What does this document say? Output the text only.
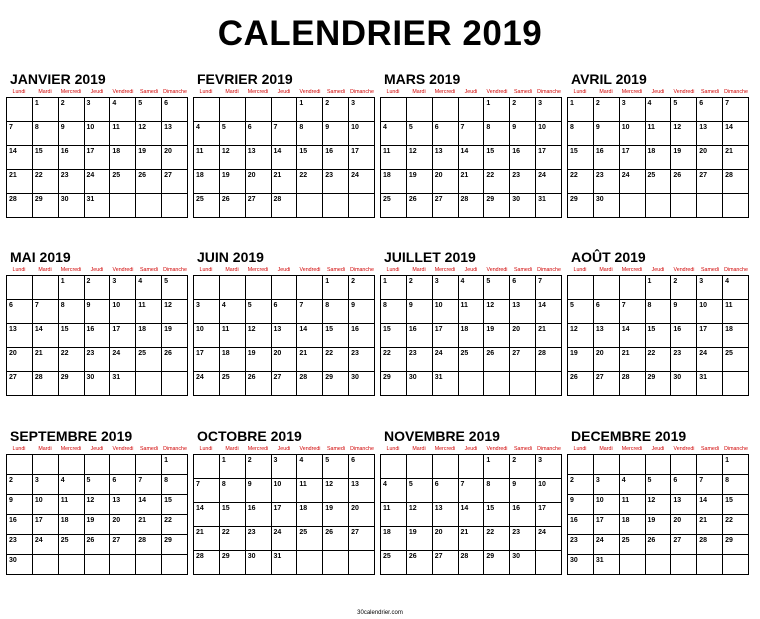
CALENDRIER 2019
JANVIER 2019
Lundi	Mardi	Mercredi	Jeudi	Vendredi	Samedi Dimanche

	1	2	3	4	5	6

7	8	9	10	11	12	13

14	15	16	17	18	19	20

21	22	23	24	25	26	27

28	29	30	31			

FEVRIER 2019
Lundi	Mardi	Mercredi	Jeudi	Vendredi	Samedi Dimanche

				1	2	3

4	5	6	7	8	9	10

11	12	13	14	15	16	17

18	19	20	21	22	23	24

25	26	27	28			

MARS 2019
Lundi	Mardi	Mercredi	Jeudi	Vendredi	Samedi Dimanche

				1	2	3

4	5	6	7	8	9	10

11	12	13	14	15	16	17

18	19	20	21	22	23	24

25	26	27	28	29	30	31
AVRIL 2019
Lundi	Mardi	Mercredi	Jeudi	Vendredi	Samedi Dimanche
1	2	3	4	5	6	7

8	9	10	11	12	13	14

15	16	17	18	19	20	21

22	23	24	25	26	27	28

29	30					

MAI 2019
Lundi	Mardi	Mercredi	Jeudi	Vendredi	Samedi Dimanche

		1	2	3	4	5

6	7	8	9	10	11	12

13	14	15	16	17	18	19

20	21	22	23	24	25	26

27	28	29	30	31		

JUIN 2019
Lundi	Mardi	Mercredi	Jeudi	Vendredi	Samedi Dimanche

					1	2

3	4	5	6	7	8	9

10	11	12	13	14	15	16

17	18	19	20	21	22	23

24	25	26	27	28	29	30
JUILLET 2019
Lundi	Mardi	Mercredi	Jeudi	Vendredi	Samedi Dimanche
1	2	3	4	5	6	7

8	9	10	11	12	13	14

15	16	17	18	19	20	21

22	23	24	25	26	27	28

29	30	31				

AOÛT 2019
Lundi	Mardi	Mercredi	Jeudi	Vendredi	Samedi Dimanche

			1	2	3	4

5	6	7	8	9	10	11

12	13	14	15	16	17	18

19	20	21	22	23	24	25

26	27	28	29	30	31	

SEPTEMBRE 2019
Lundi	Mardi	Mercredi	Jeudi	Vendredi	Samedi Dimanche

						1

2	3	4	5	6	7	8

9	10	11	12	13	14	15

16	17	18	19	20	21	22

23	24	25	26	27	28	29

30						

OCTOBRE 2019
Lundi	Mardi	Mercredi	Jeudi	Vendredi	Samedi Dimanche

	1	2	3	4	5	6

7	8	9	10	11	12	13

14	15	16	17	18	19	20

21	22	23	24	25	26	27

28	29	30	31			

NOVEMBRE 2019
Lundi	Mardi	Mercredi	Jeudi	Vendredi	Samedi Dimanche

				1	2	3

4	5	6	7	8	9	10

11	12	13	14	15	16	17

18	19	20	21	22	23	24

25	26	27	28	29	30	

DECEMBRE 2019
Lundi	Mardi	Mercredi	Jeudi	Vendredi	Samedi Dimanche

						1

2	3	4	5	6	7	8

9	10	11	12	13	14	15

16	17	18	19	20	21	22

23	24	25	26	27	28	29

30	31					

30calendrier.com
